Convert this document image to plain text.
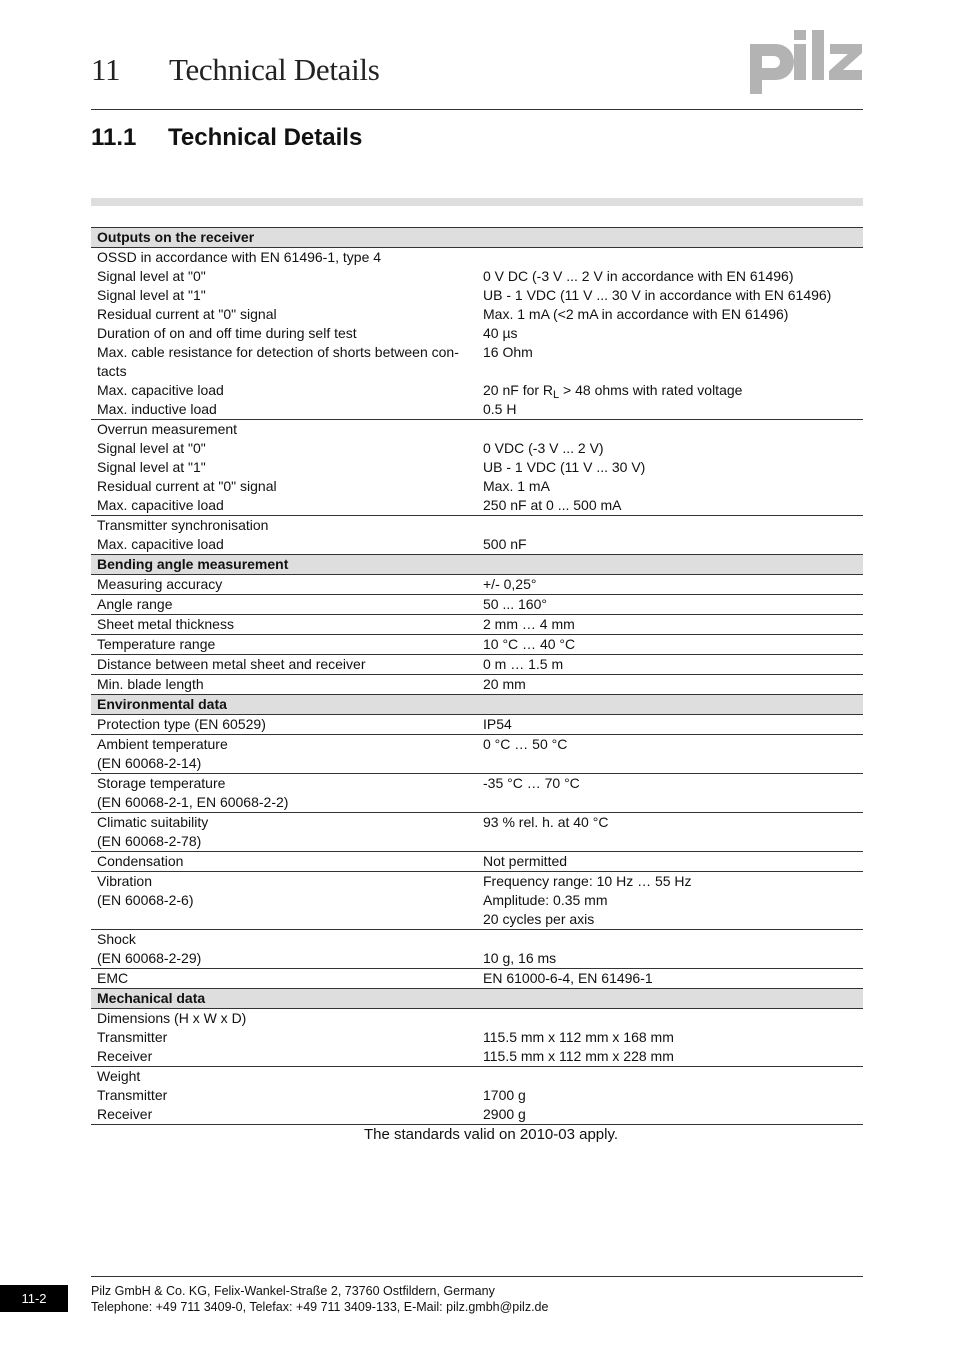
11 Technical Details
11.1 Technical Details
Outputs on the receiver	
OSSD in accordance with EN 61496-1, type 4	
Signal level at "0"	0 V DC (-3 V ... 2 V in accordance with EN 61496)
Signal level at "1"	UB - 1 VDC (11 V ... 30 V in accordance with EN 61496)
Residual current at "0" signal	Max. 1 mA (<2 mA in accordance with EN 61496)
Duration of on and off time during self test	40 µs
Max. cable resistance for detection of shorts between con- tacts	16 Ohm
Max. capacitive load	20 nF for $R_L > 48$ ohms with rated voltage
Max. inductive load	0.5 H
Overrun measurement	
Signal level at "0"	0 VDC (-3 V ... 2 V)
Signal level at "1"	UB - 1 VDC (11 V ... 30 V)
Residual current at "0" signal	Max. 1 mA
Max. capacitive load	250 nF at 0 ... 500 mA
Transmitter synchronisation	
Max. capacitive load	500 nF
Bending angle measurement	
Measuring accuracy	+/- 0,25°
Angle range	50 ... 160°
Sheet metal thickness	2 mm … 4 mm
Temperature range	10 °C … 40 °C
Distance between metal sheet and receiver	0 m … 1.5 m
Min. blade length	20 mm
Environmental data	
Protection type (EN 60529)	IP54
Ambient temperature	0 °C … 50 °C
(EN 60068-2-14)	
Storage temperature	-35 °C … 70 °C
(EN 60068-2-1, EN 60068-2-2)	
Climatic suitability	93 % rel. h. at 40 °C
(EN 60068-2-78)	
Condensation	Not permitted
Vibration	Frequency range: 10 Hz … 55 Hz
(EN 60068-2-6)	Amplitude: 0.35 mm
	20 cycles per axis
Shock	
(EN 60068-2-29)	10 g, 16 ms
EMC	EN 61000-6-4, EN 61496-1
Mechanical data	
Dimensions (H x W x D)	
Transmitter	115.5 mm x 112 mm x 168 mm
Receiver	115.5 mm x 112 mm x 228 mm
Weight	
Transmitter	1700 g
Receiver	2900 g
The standards valid on 2010-03 apply.
11-2	Pilz GmbH & Co. KG, Felix-Wankel-Straße 2, 73760 Ostfildern, Germany
Telephone: +49 711 3409-0, Telefax: +49 711 3409-133, E-Mail: pilz.gmbh@pilz.de
